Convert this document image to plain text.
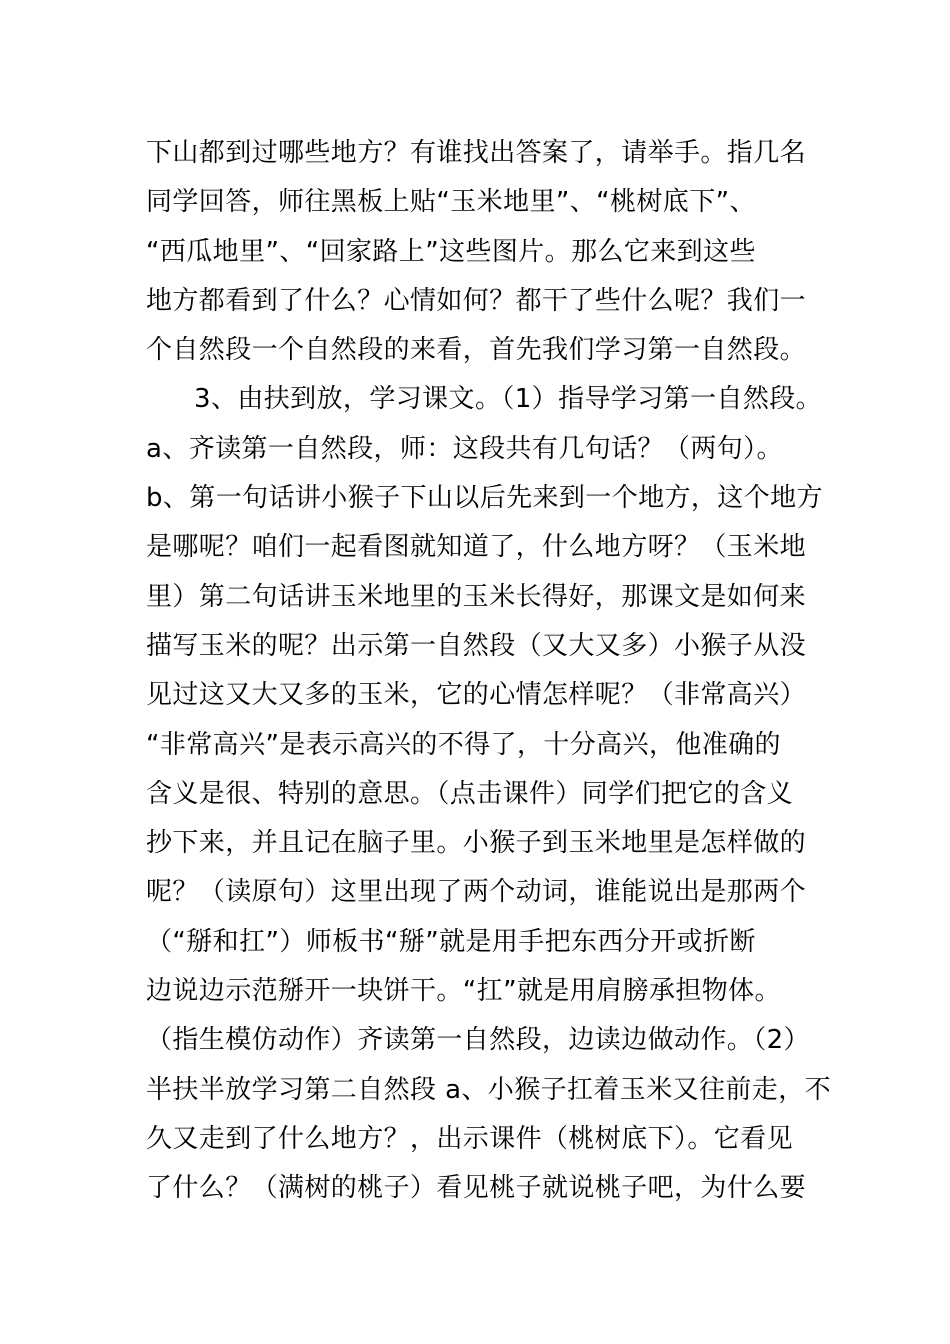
下山都到过哪些地方？有谁找出答案了，请举手。指几名
同学回答，师往黑板上贴“玉米地里”、“桃树底下”、
“西瓜地里”、“回家路上”这些图片。那么它来到这些
地方都看到了什么？心情如何？都干了些什么呢？我们一
个自然段一个自然段的来看，首先我们学习第一自然段。
3、由扶到放，学习课文。（1）指导学习第一自然段。
a、齐读第一自然段，师：这段共有几句话？（两句）。
b、第一句话讲小猴子下山以后先来到一个地方，这个地方
是哪呢？咱们一起看图就知道了，什么地方呀？（玉米地
里）第二句话讲玉米地里的玉米长得好，那课文是如何来
描写玉米的呢？出示第一自然段（又大又多）小猴子从没
见过这又大又多的玉米，它的心情怎样呢？（非常高兴）
“非常高兴”是表示高兴的不得了，十分高兴，他准确的
含义是很、特别的意思。（点击课件）同学们把它的含义
抄下来，并且记在脑子里。小猴子到玉米地里是怎样做的
呢？（读原句）这里出现了两个动词，谁能说出是那两个
（“掰和扛”）师板书“掰”就是用手把东西分开或折断
边说边示范掰开一块饼干。“扛”就是用肩膀承担物体。
（指生模仿动作）齐读第一自然段，边读边做动作。（2）
半扶半放学习第二自然段 a、小猴子扛着玉米又往前走，不
久又走到了什么地方？，出示课件（桃树底下）。它看见
了什么？（满树的桃子）看见桃子就说桃子吧，为什么要
